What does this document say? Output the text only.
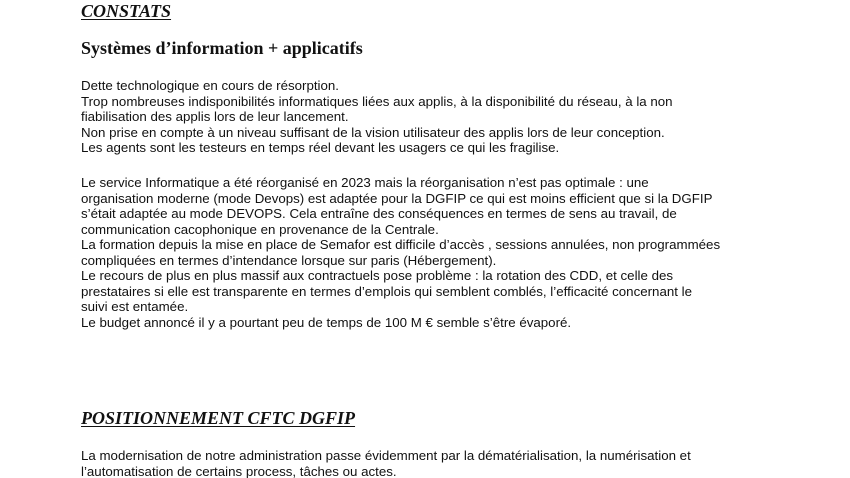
CONSTATS
Systèmes d’information + applicatifs

Dette technologique en cours de résorption.
Trop nombreuses indisponibilités informatiques liées aux applis, à la disponibilité du réseau, à la non
fiabilisation des applis lors de leur lancement.
Non prise en compte à un niveau suffisant de la vision utilisateur des applis lors de leur conception.
Les agents sont les testeurs en temps réel devant les usagers ce qui les fragilise.

Le service Informatique a été réorganisé en 2023 mais la réorganisation n’est pas optimale : une
organisation moderne (mode Devops) est adaptée pour la DGFIP ce qui est moins efficient que si la DGFIP
s’était adaptée au mode DEVOPS. Cela entraîne des conséquences en termes de sens au travail, de
communication cacophonique en provenance de la Centrale.
La formation depuis la mise en place de Semafor est difficile d’accès , sessions annulées, non programmées
compliquées en termes d’intendance lorsque sur paris (Hébergement).
Le recours de plus en plus massif aux contractuels pose problème : la rotation des CDD, et celle des
prestataires si elle est transparente en termes d’emplois qui semblent comblés, l’efficacité concernant le
suivi est entamée.
Le budget annoncé il y a pourtant peu de temps de 100 M € semble s’être évaporé.

POSITIONNEMENT CFTC DGFIP

La modernisation de notre administration passe évidemment par la dématérialisation, la numérisation et
l’automatisation de certains process, tâches ou actes.
